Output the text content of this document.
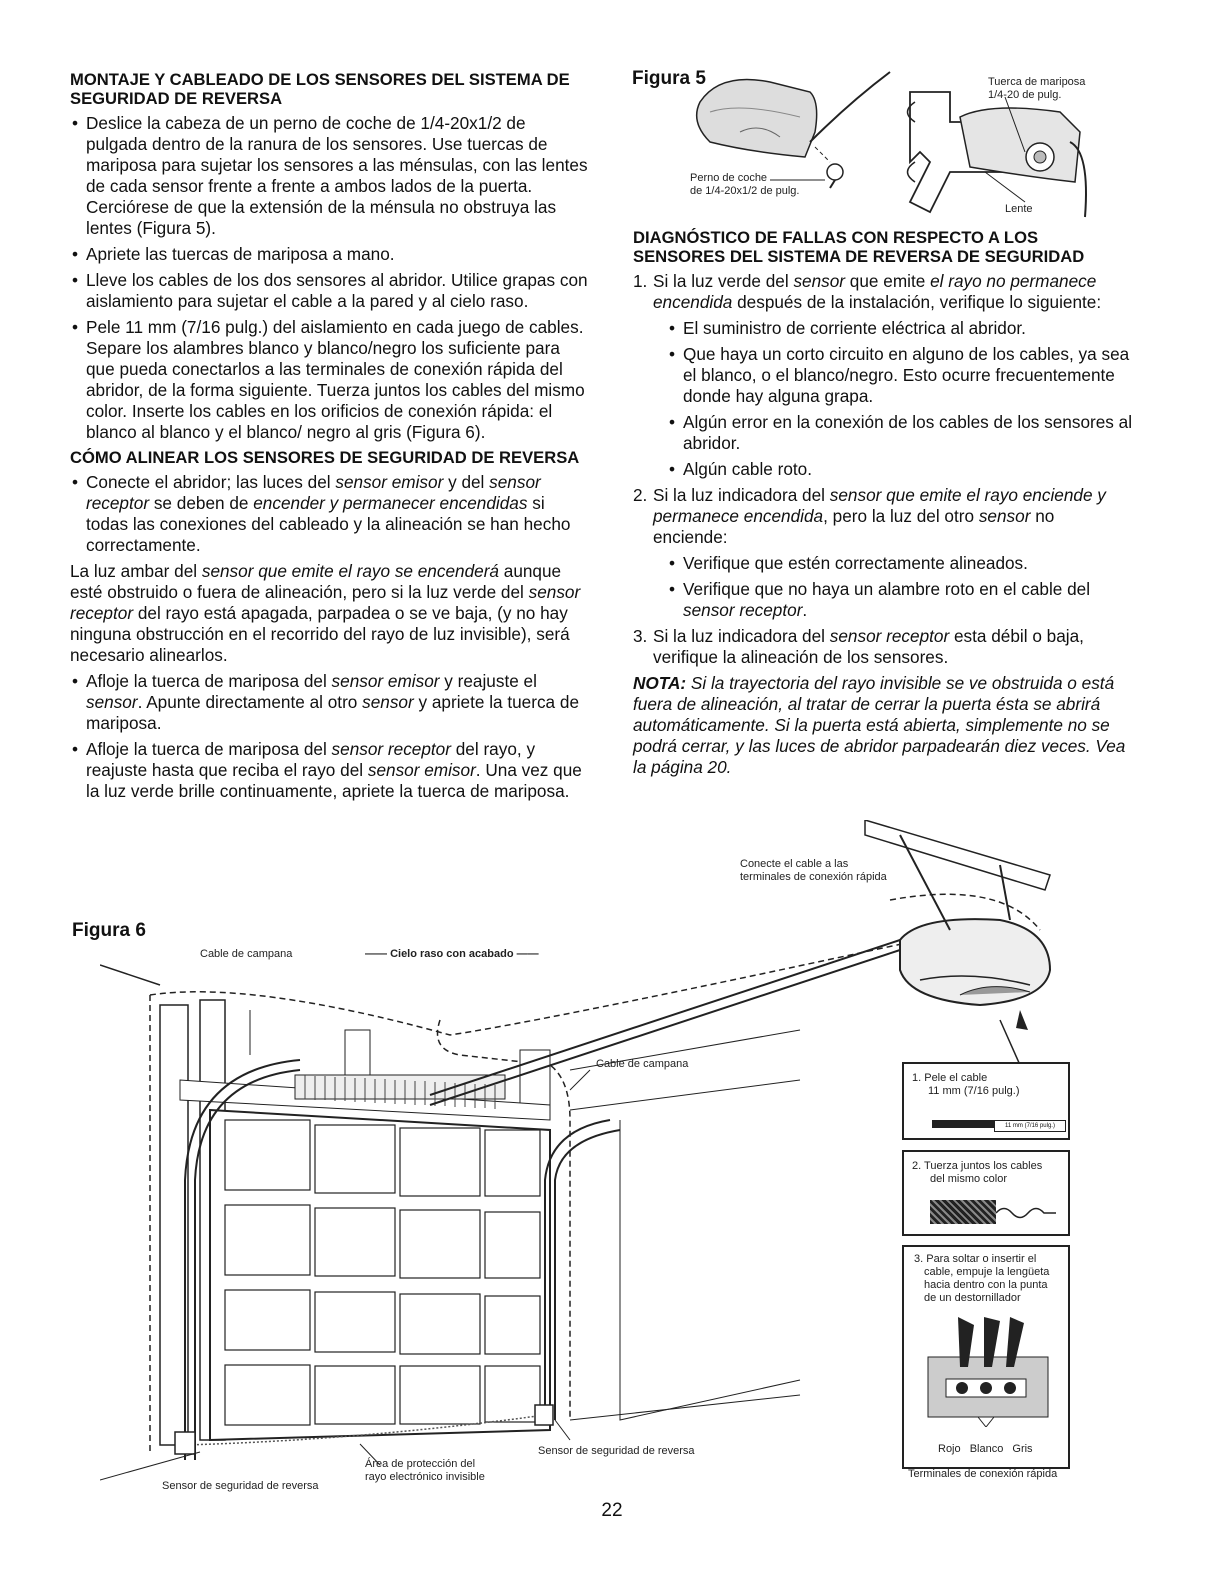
MONTAJE Y CABLEADO DE LOS SENSORES DEL SISTEMA DE SEGURIDAD DE REVERSA
• Deslice la cabeza de un perno de coche de 1/4-20x1/2 de pulgada dentro de la ranura de los sensores. Use tuercas de mariposa para sujetar los sensores a las ménsulas, con las lentes de cada sensor frente a frente a ambos lados de la puerta. Cerciórese de que la extensión de la ménsula no obstruya las lentes (Figura 5).
• Apriete las tuercas de mariposa a mano.
• Lleve los cables de los dos sensores al abridor. Utilice grapas con aislamiento para sujetar el cable a la pared y al cielo raso.
• Pele 11 mm (7/16 pulg.) del aislamiento en cada juego de cables. Separe los alambres blanco y blanco/negro los suficiente para que pueda conectarlos a las terminales de conexión rápida del abridor, de la forma siguiente. Tuerza juntos los cables del mismo color. Inserte los cables en los orificios de conexión rápida: el blanco al blanco y el blanco/ negro al gris (Figura 6).
CÓMO ALINEAR LOS SENSORES DE SEGURIDAD DE REVERSA
• Conecte el abridor; las luces del sensor emisor y del sensor receptor se deben de encender y permanecer encendidas si todas las conexiones del cableado y la alineación se han hecho correctamente.

La luz ambar del sensor que emite el rayo se encenderá aunque esté obstruido o fuera de alineación, pero si la luz verde del sensor receptor del rayo está apagada, parpadea o se ve baja, (y no hay ninguna obstrucción en el recorrido del rayo de luz invisible), será necesario alinearlos.

• Afloje la tuerca de mariposa del sensor emisor y reajuste el sensor. Apunte directamente al otro sensor y apriete la tuerca de mariposa.
• Afloje la tuerca de mariposa del sensor receptor del rayo, y reajuste hasta que reciba el rayo del sensor emisor. Una vez que la luz verde brille continuamente, apriete la tuerca de mariposa.
Figura 5	Tuerca de mariposa
1/4-20 de pulg.
Perno de coche
de 1/4-20x1/2 de pulg.
Lente
DIAGNÓSTICO DE FALLAS CON RESPECTO A LOS SENSORES DEL SISTEMA DE REVERSA DE SEGURIDAD
1. Si la luz verde del sensor que emite el rayo no permanece encendida después de la instalación, verifique lo siguiente:
• El suministro de corriente eléctrica al abridor.
• Que haya un corto circuito en alguno de los cables, ya sea el blanco, o el blanco/negro. Esto ocurre frecuentemente donde hay alguna grapa.
• Algún error en la conexión de los cables de los sensores al abridor.
• Algún cable roto.
2. Si la luz indicadora del sensor que emite el rayo enciende y permanece encendida, pero la luz del otro sensor no enciende:
• Verifique que estén correctamente alineados.
• Verifique que no haya un alambre roto en el cable del sensor receptor.
3. Si la luz indicadora del sensor receptor esta débil o baja, verifique la alineación de los sensores.

NOTA: Si la trayectoria del rayo invisible se ve obstruida o está fuera de alineación, al tratar de cerrar la puerta ésta se abrirá automáticamente. Si la puerta está abierta, simplemente no se podrá cerrar, y las luces de abridor parpadearán diez veces. Vea la página 20.

Figura 6
Cable de campana	―― Cielo raso con acabado ――
Conecte el cable a las
terminales de conexión rápida
Cable de campana
Área de protección del
rayo electrónico invisible
Sensor de seguridad de reversa
Sensor de seguridad de reversa
1. Pele el cable
11 mm (7/16 pulg.)
11 mm (7/16 pulg.)
2. Tuerza juntos los cables
del mismo color
3. Para soltar o insertir el
cable, empuje la lengüeta
hacia dentro con la punta
de un destornillador
Rojo Blanco Gris
Terminales de conexión rápida
22
